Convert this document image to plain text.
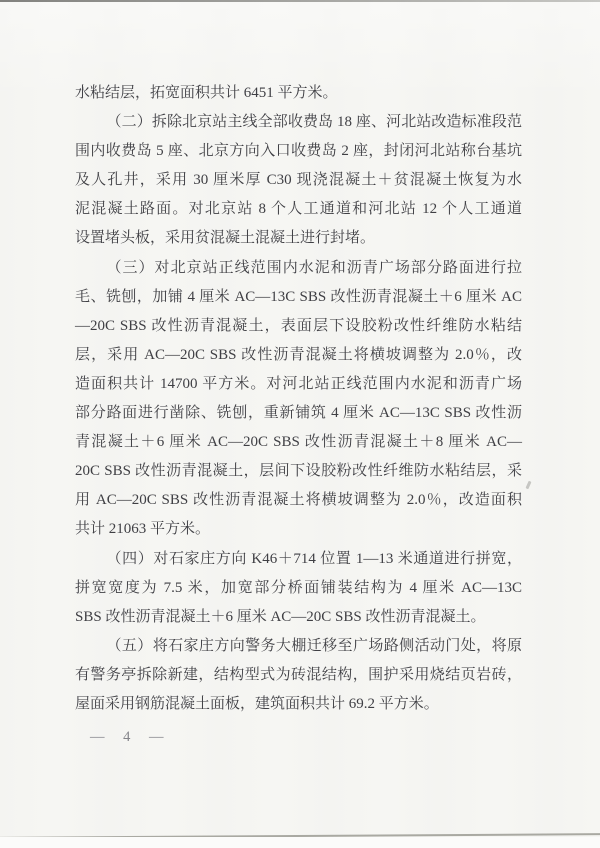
水粘结层，拓宽面积共计 6451 平方米。
（二）拆除北京站主线全部收费岛 18 座、河北站改造标准段范
围内收费岛 5 座、北京方向入口收费岛 2 座，封闭河北站称台基坑
及人孔井，采用 30 厘米厚 C30 现浇混凝土＋贫混凝土恢复为水
泥混凝土路面。对北京站 8 个人工通道和河北站 12 个人工通道
设置堵头板，采用贫混凝土混凝土进行封堵。
（三）对北京站正线范围内水泥和沥青广场部分路面进行拉
毛、铣刨，加铺 4 厘米 AC—13C SBS 改性沥青混凝土＋6 厘米 AC
—20C SBS 改性沥青混凝土，表面层下设胶粉改性纤维防水粘结
层，采用 AC—20C SBS 改性沥青混凝土将横坡调整为 2.0％，改
造面积共计 14700 平方米。对河北站正线范围内水泥和沥青广场
部分路面进行凿除、铣刨，重新铺筑 4 厘米 AC—13C SBS 改性沥
青混凝土＋6 厘米 AC—20C SBS 改性沥青混凝土＋8 厘米 AC—
20C SBS 改性沥青混凝土，层间下设胶粉改性纤维防水粘结层，采
用 AC—20C SBS 改性沥青混凝土将横坡调整为 2.0％，改造面积
共计 21063 平方米。
（四）对石家庄方向 K46＋714 位置 1—13 米通道进行拼宽，
拼宽宽度为 7.5 米，加宽部分桥面铺装结构为 4 厘米 AC—13C
SBS 改性沥青混凝土＋6 厘米 AC—20C SBS 改性沥青混凝土。
（五）将石家庄方向警务大棚迁移至广场路侧活动门处，将原
有警务亭拆除新建，结构型式为砖混结构，围护采用烧结页岩砖，
屋面采用钢筋混凝土面板，建筑面积共计 69.2 平方米。
— 4 —
